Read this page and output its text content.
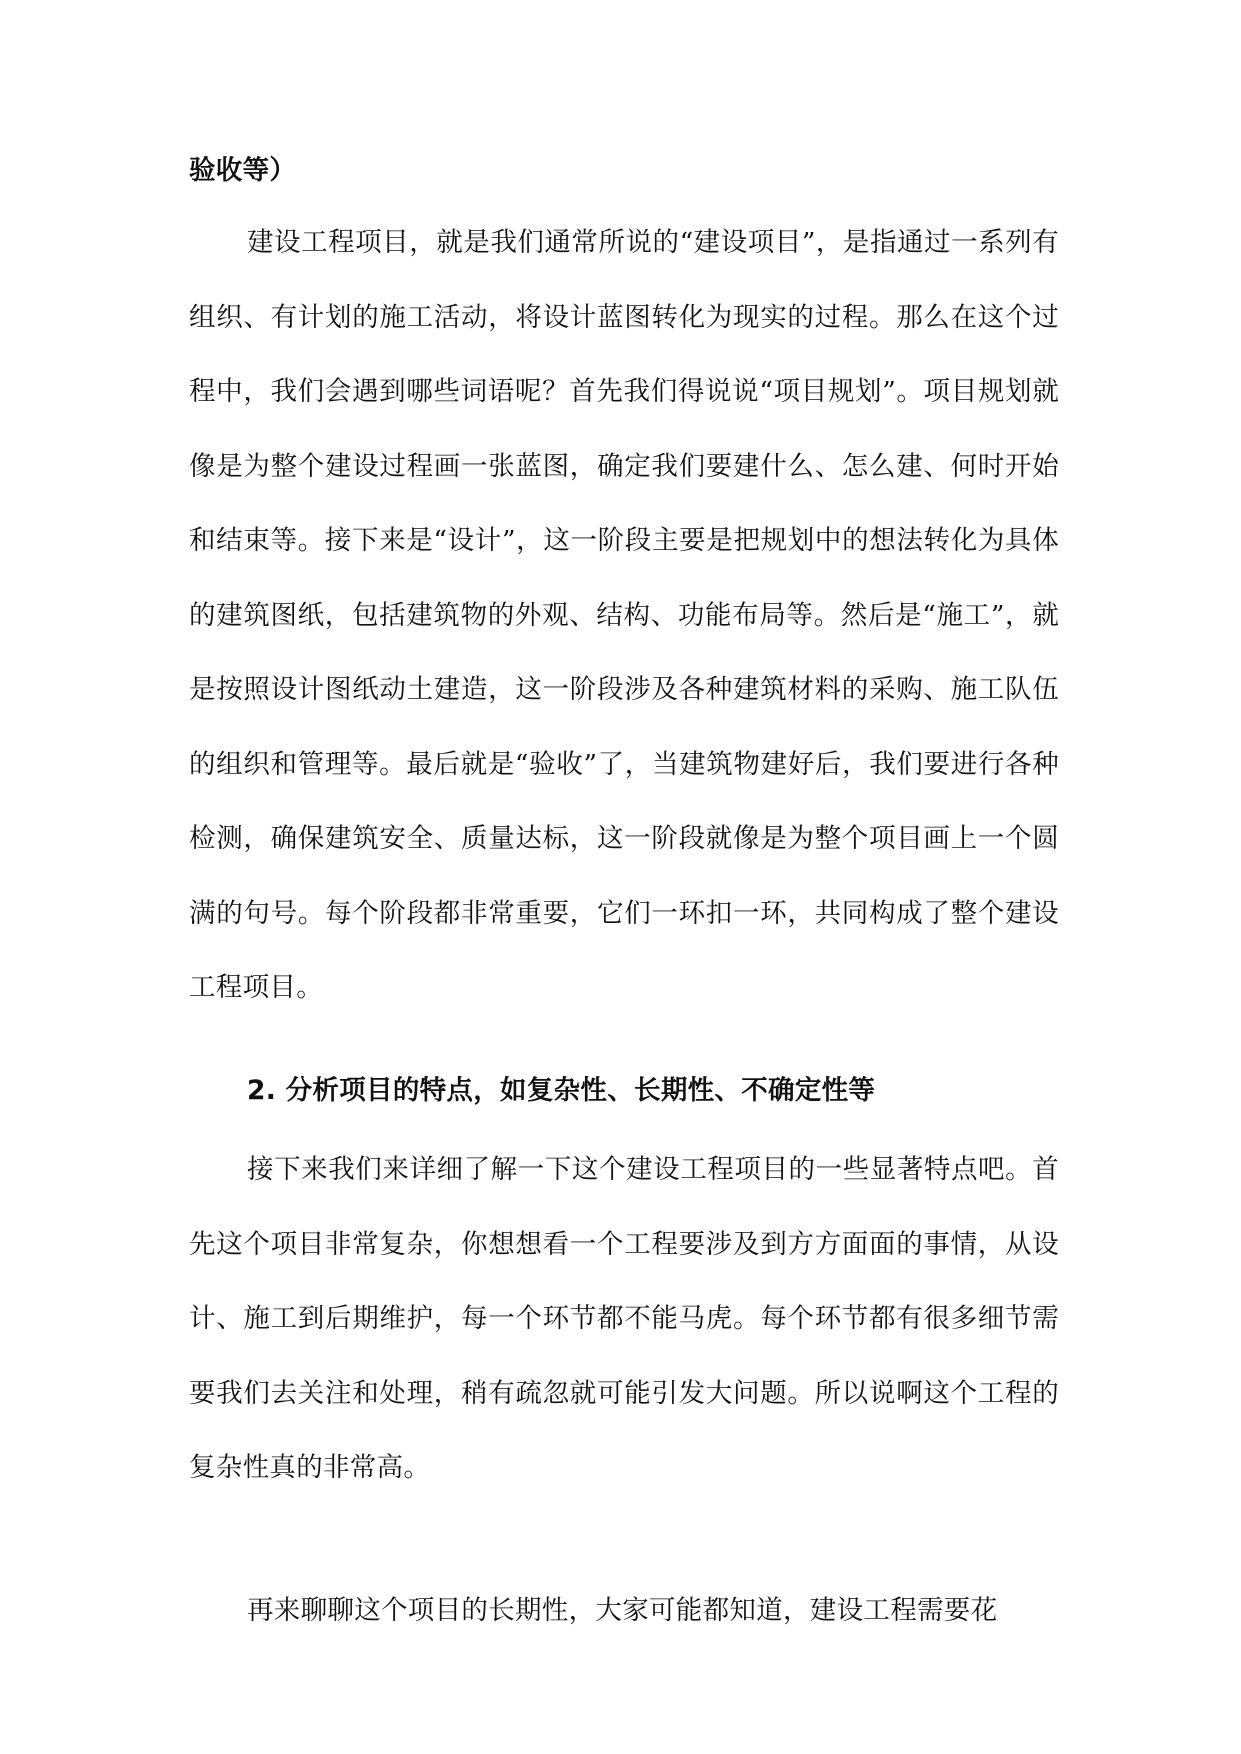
验收等）

建设工程项目，就是我们通常所说的“建设项目”，是指通过一系列有组织、有计划的施工活动，将设计蓝图转化为现实的过程。那么在这个过程中，我们会遇到哪些词语呢？首先我们得说说“项目规划”。项目规划就像是为整个建设过程画一张蓝图，确定我们要建什么、怎么建、何时开始和结束等。接下来是“设计”，这一阶段主要是把规划中的想法转化为具体的建筑图纸，包括建筑物的外观、结构、功能布局等。然后是“施工”，就是按照设计图纸动土建造，这一阶段涉及各种建筑材料的采购、施工队伍的组织和管理等。最后就是“验收”了，当建筑物建好后，我们要进行各种检测，确保建筑安全、质量达标，这一阶段就像是为整个项目画上一个圆满的句号。每个阶段都非常重要，它们一环扣一环，共同构成了整个建设工程项目。

2. 分析项目的特点，如复杂性、长期性、不确定性等

接下来我们来详细了解一下这个建设工程项目的一些显著特点吧。首先这个项目非常复杂，你想想看一个工程要涉及到方方面面的事情，从设计、施工到后期维护，每一个环节都不能马虎。每个环节都有很多细节需要我们去关注和处理，稍有疏忽就可能引发大问题。所以说啊这个工程的复杂性真的非常高。

再来聊聊这个项目的长期性，大家可能都知道，建设工程需要花
